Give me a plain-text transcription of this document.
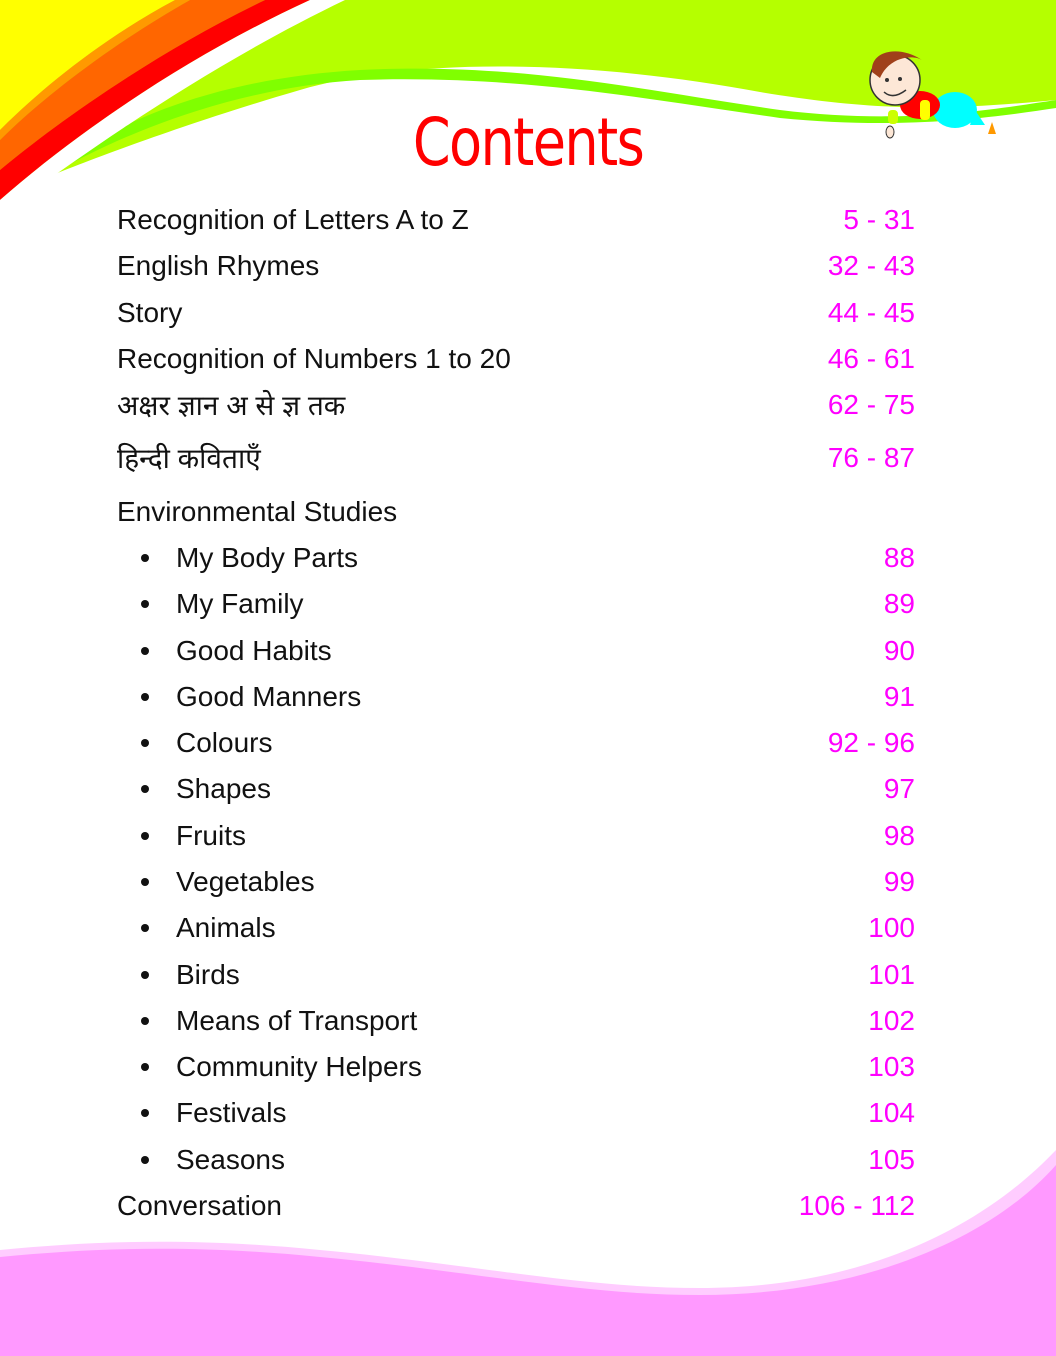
Contents
Recognition of Letters A to Z	5 - 31
English Rhymes	32 - 43
Story	44 - 45
Recognition of Numbers 1 to 20	46 - 61
अक्षर ज्ञान अ से ज्ञ तक	62 - 75
हिन्दी कविताएँ	76 - 87
Environmental Studies
My Body Parts	88
My Family	89
Good Habits	90
Good Manners	91
Colours	92 - 96
Shapes	97
Fruits	98
Vegetables	99
Animals	100
Birds	101
Means of Transport	102
Community Helpers	103
Festivals	104
Seasons	105
Conversation	106 - 112
